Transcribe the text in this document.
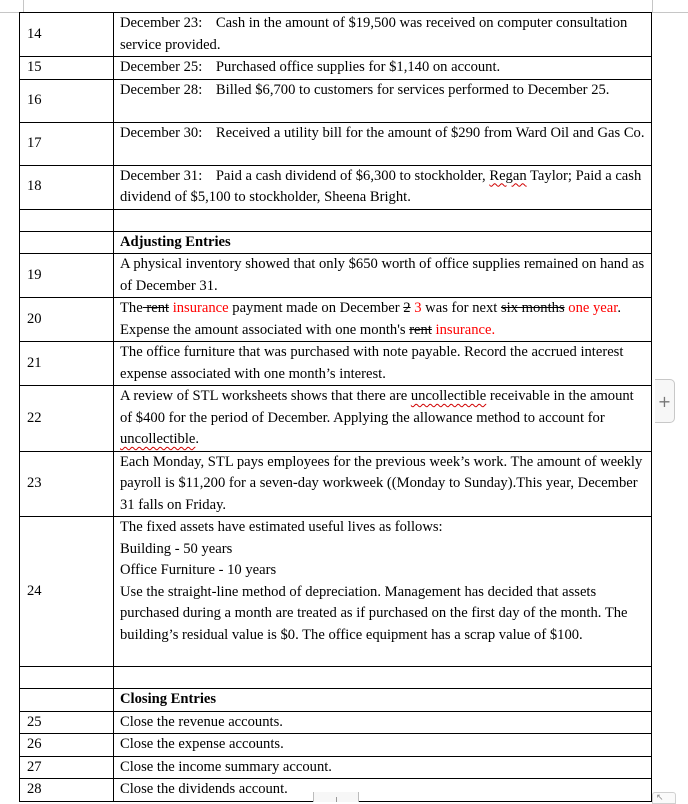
14	December 23: Cash in the amount of $19,500 was received on computer consultation service provided.
15	December 25: Purchased office supplies for $1,140 on account.
16	December 28: Billed $6,700 to customers for services performed to December 25.
17	December 30: Received a utility bill for the amount of $290 from Ward Oil and Gas Co.
18	December 31: Paid a cash dividend of $6,300 to stockholder, Regan Taylor; Paid a cash dividend of $5,100 to stockholder, Sheena Bright.

	Adjusting Entries
19	A physical inventory showed that only $650 worth of office supplies remained on hand as of December 31.
20	The rent insurance payment made on December 2 3 was for next six months one year. Expense the amount associated with one month's rent insurance.
21	The office furniture that was purchased with note payable. Record the accrued interest expense associated with one month’s interest.
22	A review of STL worksheets shows that there are uncollectible receivable in the amount of $400 for the period of December. Applying the allowance method to account for uncollectible.
23	Each Monday, STL pays employees for the previous week’s work. The amount of weekly payroll is $11,200 for a seven-day workweek ((Monday to Sunday).This year, December 31 falls on Friday.
24	The fixed assets have estimated useful lives as follows:
Building - 50 years
Office Furniture - 10 years
Use the straight-line method of depreciation. Management has decided that assets purchased during a month are treated as if purchased on the first day of the month. The building’s residual value is $0. The office equipment has a scrap value of $100.

	Closing Entries
25	Close the revenue accounts.
26	Close the expense accounts.
27	Close the income summary account.
28	Close the dividends account.
+
↖
